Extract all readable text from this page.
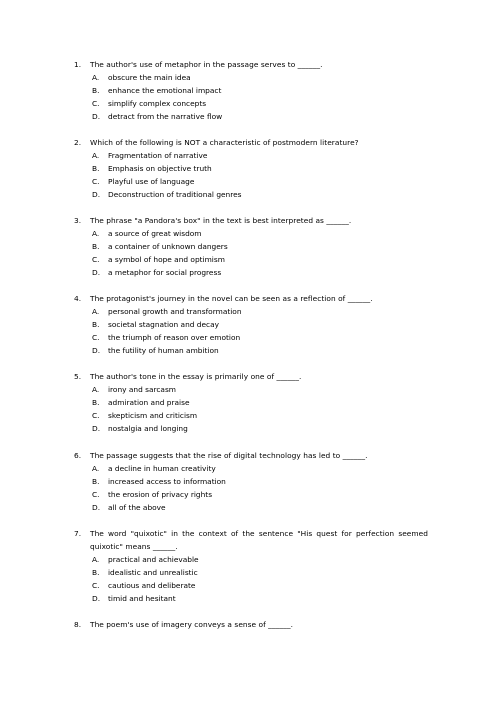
1. The author's use of metaphor in the passage serves to ______.
A. obscure the main idea
B. enhance the emotional impact
C. simplify complex concepts
D. detract from the narrative flow
2. Which of the following is NOT a characteristic of postmodern literature?
A. Fragmentation of narrative
B. Emphasis on objective truth
C. Playful use of language
D. Deconstruction of traditional genres
3. The phrase "a Pandora's box" in the text is best interpreted as ______.
A. a source of great wisdom
B. a container of unknown dangers
C. a symbol of hope and optimism
D. a metaphor for social progress
4. The protagonist's journey in the novel can be seen as a reflection of ______.
A. personal growth and transformation
B. societal stagnation and decay
C. the triumph of reason over emotion
D. the futility of human ambition
5. The author's tone in the essay is primarily one of ______.
A. irony and sarcasm
B. admiration and praise
C. skepticism and criticism
D. nostalgia and longing
6. The passage suggests that the rise of digital technology has led to ______.
A. a decline in human creativity
B. increased access to information
C. the erosion of privacy rights
D. all of the above
7. The word "quixotic" in the context of the sentence "His quest for perfection seemed quixotic" means ______.
A. practical and achievable
B. idealistic and unrealistic
C. cautious and deliberate
D. timid and hesitant
8. The poem's use of imagery conveys a sense of ______.
